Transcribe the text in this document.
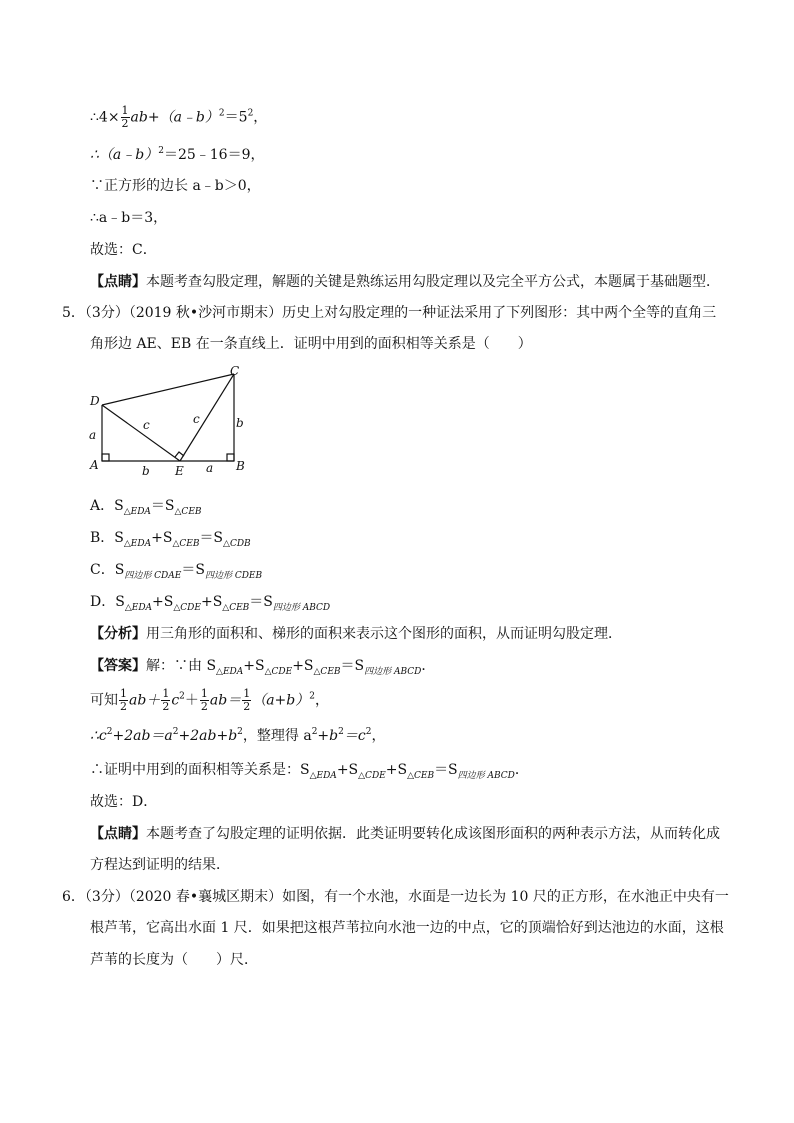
∴4× $\frac{1}{2}$ $ab+(a﹣b)^2=5^2$，
∴（a﹣b）$^2$＝25﹣16＝9，
∵正方形的边长 a﹣b＞0，
∴a﹣b＝3，
故选：C．
【点睛】本题考查勾股定理，解题的关键是熟练运用勾股定理以及完全平方公式，本题属于基础题型．
5．（3分）（2019 秋•沙河市期末）历史上对勾股定理的一种证法采用了下列图形：其中两个全等的直角三
角形边 AE、EB 在一条直线上．证明中用到的面积相等关系是（　　）
D
C
A	E	B
a
c	c	b
b	a
A．$S_{\triangle EDA}=S_{\triangle CEB}$
B．$S_{\triangle EDA}+S_{\triangle CEB}=S_{\triangle CDB}$
C．$S_{四边形 CDAE}=S_{四边形 CDEB}$
D．$S_{\triangle EDA}+S_{\triangle CDE}+S_{\triangle CEB}=S_{四边形 ABCD}$
【分析】用三角形的面积和、梯形的面积来表示这个图形的面积，从而证明勾股定理．
【答案】解：∵由 $S_{\triangle EDA}+S_{\triangle CDE}+S_{\triangle CEB}=S_{四边形 ABCD}$．
可知 $\frac{1}{2} ab+ \frac{1}{2} c^2+ \frac{1}{2} ab= \frac{1}{2} (a+b)^2$，
$\therefore c^2+2ab=a^2+2ab+b^2$，整理得 $a^2+b^2=c^2$，
∴证明中用到的面积相等关系是：$S_{\triangle EDA}+S_{\triangle CDE}+S_{\triangle CEB}=S_{四边形 ABCD}$．
故选：D．
【点睛】本题考查了勾股定理的证明依据．此类证明要转化成该图形面积的两种表示方法，从而转化成
方程达到证明的结果．
6．（3分）（2020 春•襄城区期末）如图，有一个水池，水面是一边长为 10 尺的正方形，在水池正中央有一
根芦苇，它高出水面 1 尺．如果把这根芦苇拉向水池一边的中点，它的顶端恰好到达池边的水面，这根
芦苇的长度为（　　）尺．
